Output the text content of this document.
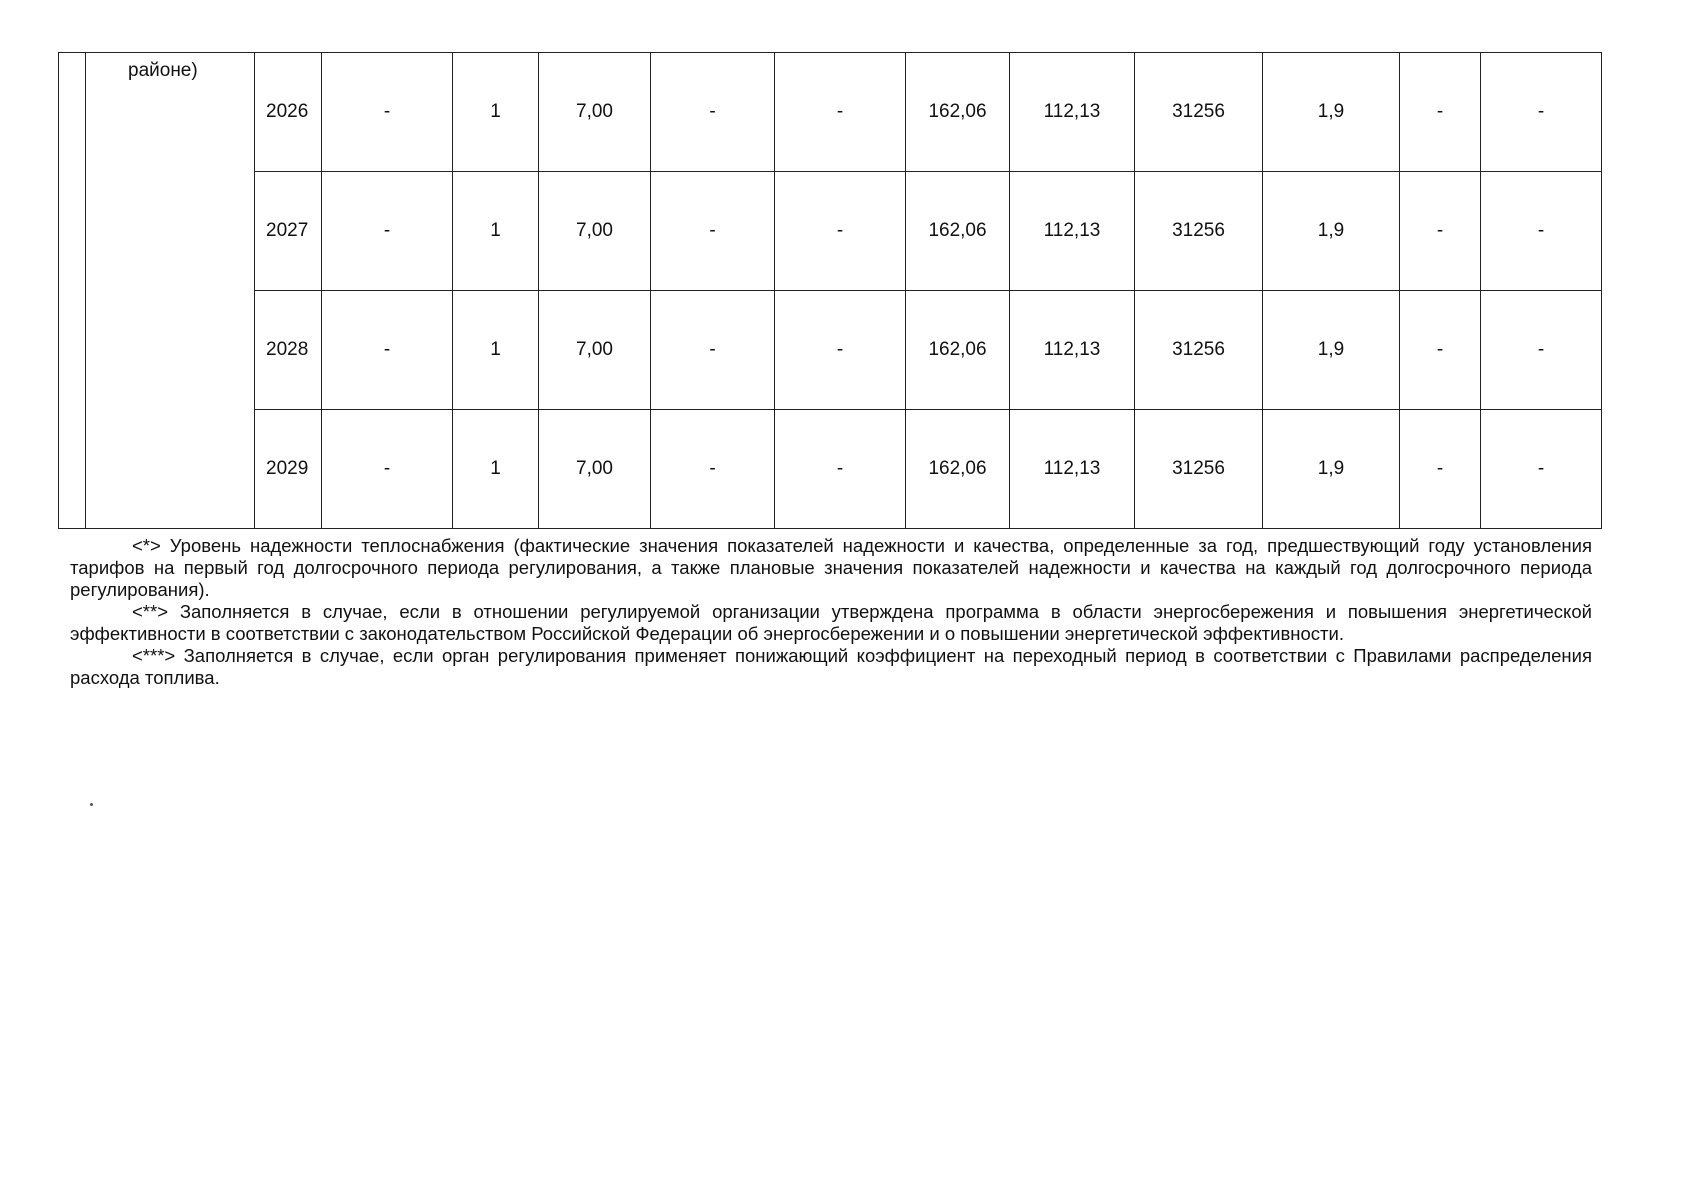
	районе)	2026	-	1	7,00	-	-	162,06	112,13	31256	1,9	-	-
		2027	-	1	7,00	-	-	162,06	112,13	31256	1,9	-	-
		2028	-	1	7,00	-	-	162,06	112,13	31256	1,9	-	-
		2029	-	1	7,00	-	-	162,06	112,13	31256	1,9	-	-

<*> Уровень надежности теплоснабжения (фактические значения показателей надежности и качества, определенные за год, предшествующий году установления тарифов на первый год долгосрочного периода регулирования, а также плановые значения показателей надежности и качества на каждый год долгосрочного периода регулирования).

<**> Заполняется в случае, если в отношении регулируемой организации утверждена программа в области энергосбережения и повышения энергетической эффективности в соответствии с законодательством Российской Федерации об энергосбережении и о повышении энергетической эффективности.

<***> Заполняется в случае, если орган регулирования применяет понижающий коэффициент на переходный период в соответствии с Правилами распределения расхода топлива.
